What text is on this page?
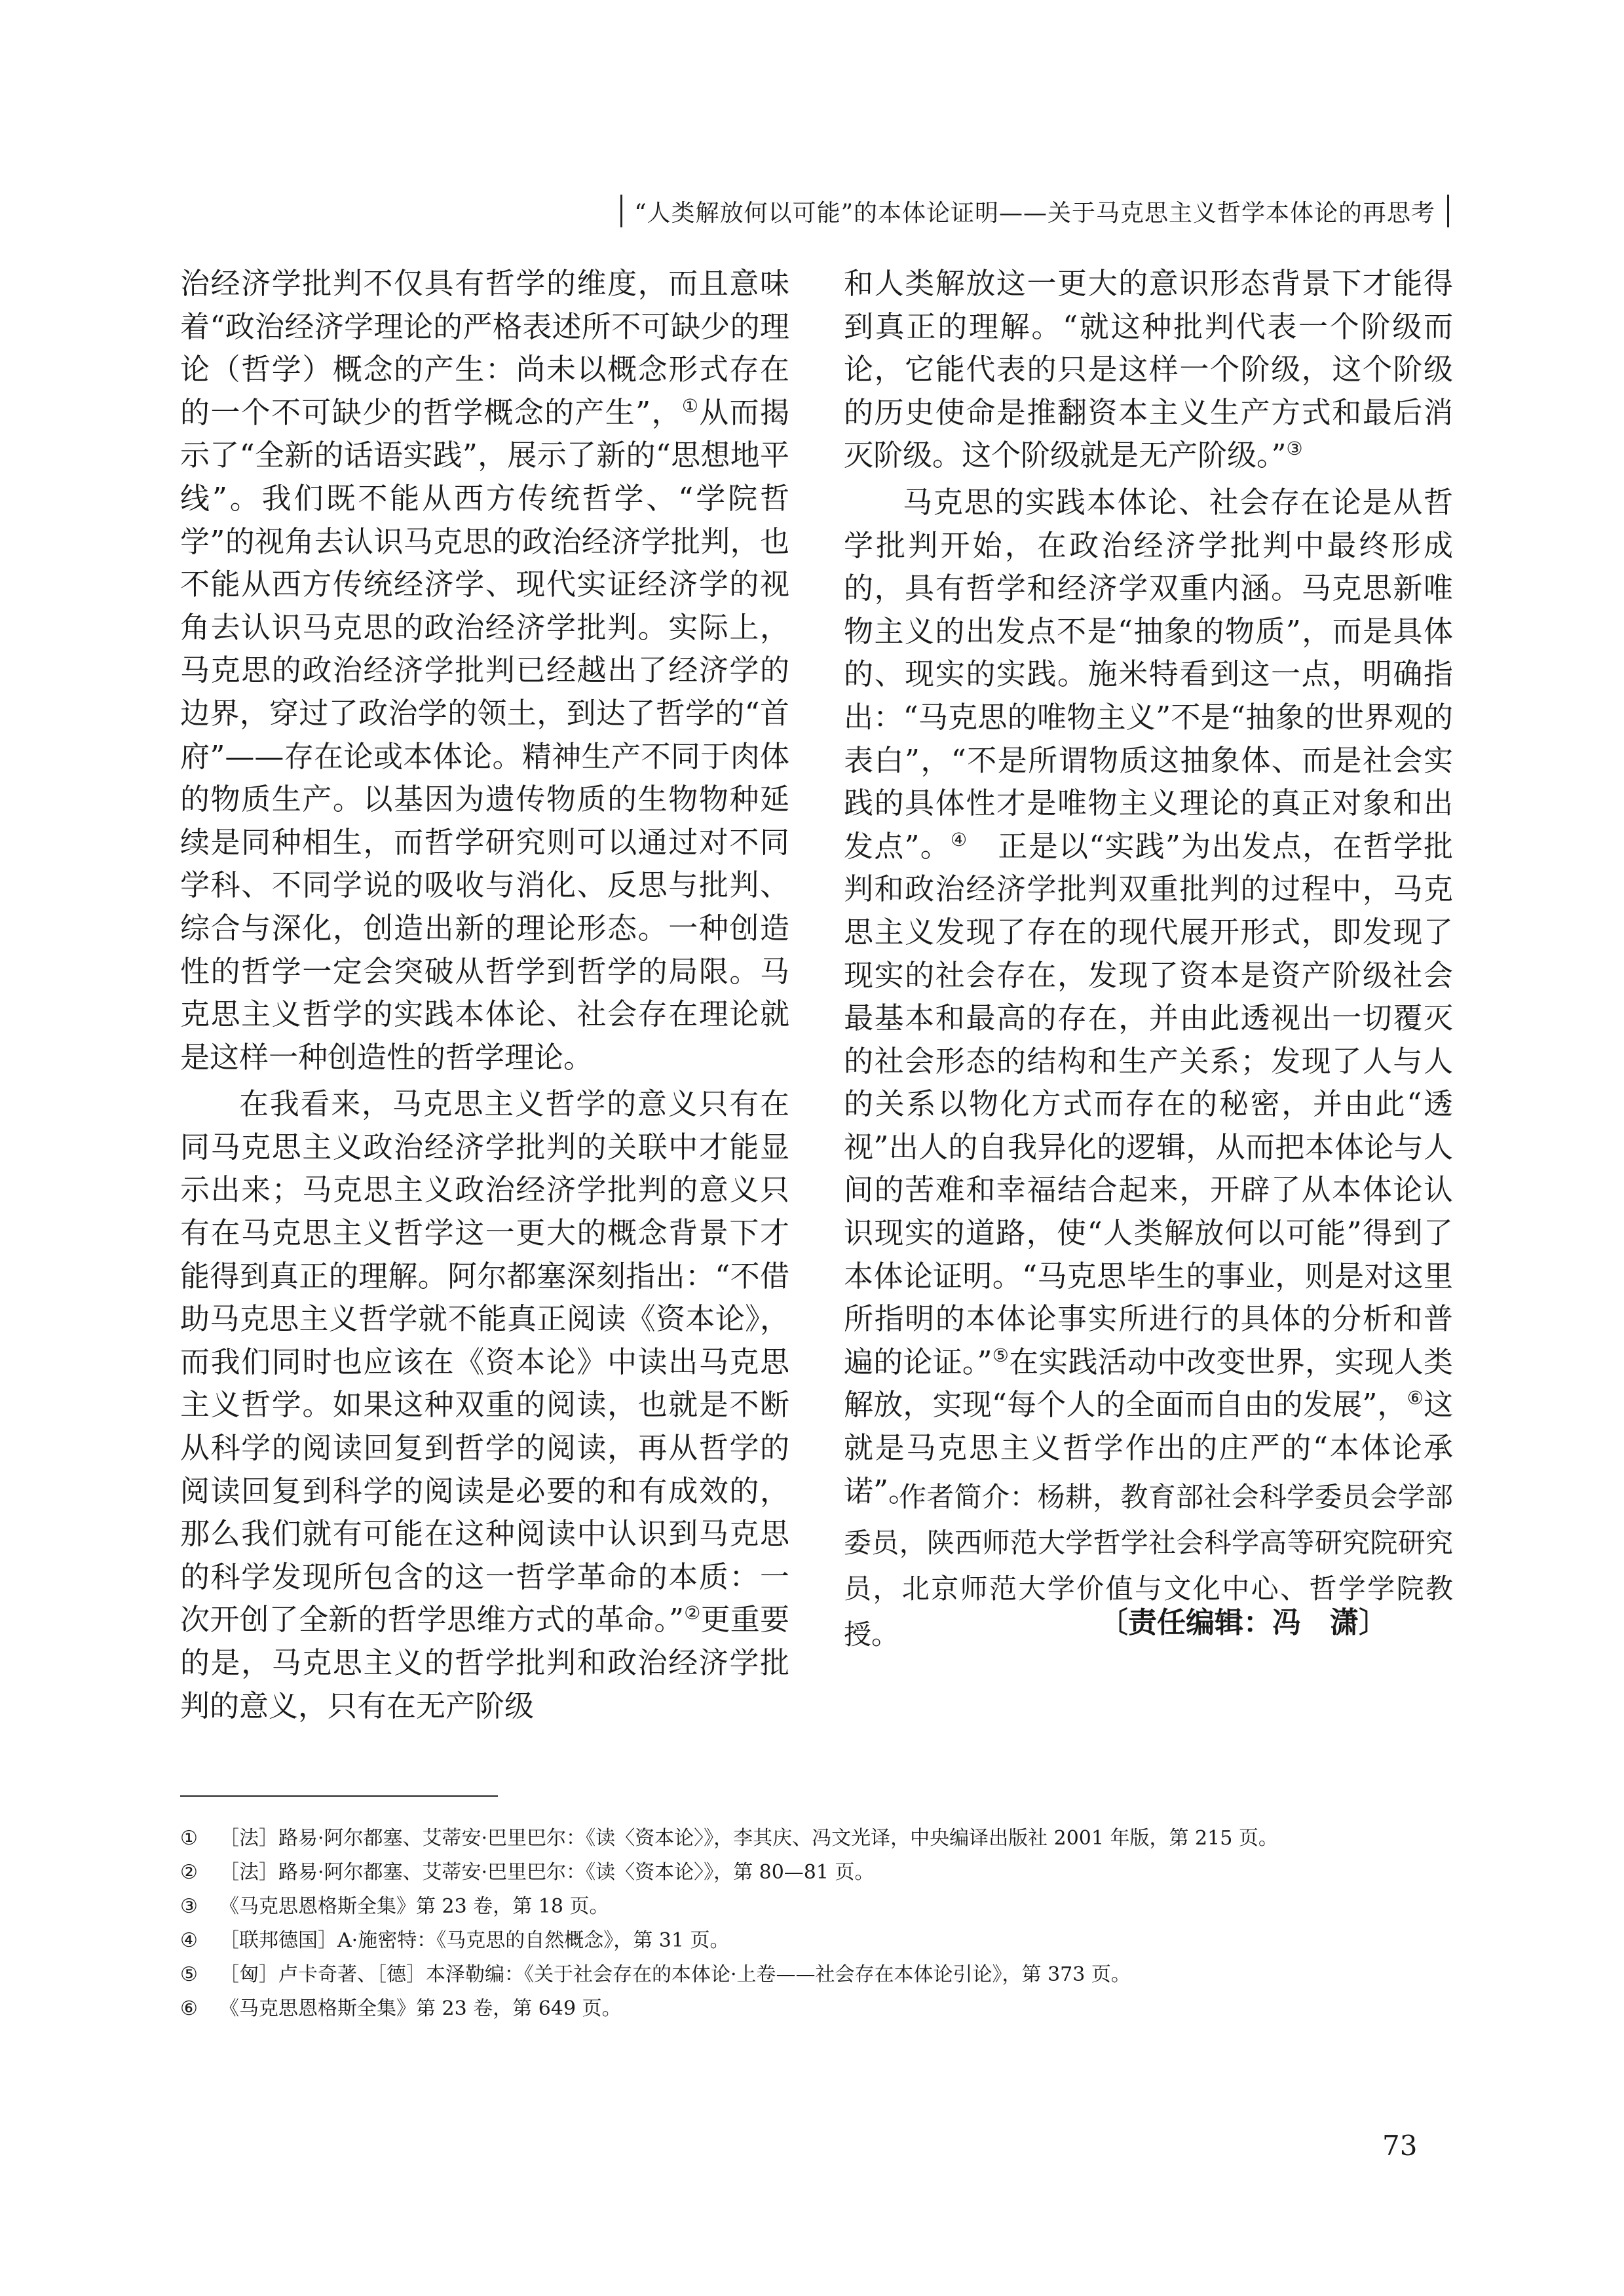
“人类解放何以可能”的本体论证明——关于马克思主义哲学本体论的再思考

治经济学批判不仅具有哲学的维度，而且意味着“政治经济学理论的严格表述所不可缺少的理论（哲学）概念的产生：尚未以概念形式存在的一个不可缺少的哲学概念的产生”，①从而揭示了“全新的话语实践”，展示了新的“思想地平线”。我们既不能从西方传统哲学、“学院哲学”的视角去认识马克思的政治经济学批判，也不能从西方传统经济学、现代实证经济学的视角去认识马克思的政治经济学批判。实际上，马克思的政治经济学批判已经越出了经济学的边界，穿过了政治学的领土，到达了哲学的“首府”——存在论或本体论。精神生产不同于肉体的物质生产。以基因为遗传物质的生物物种延续是同种相生，而哲学研究则可以通过对不同学科、不同学说的吸收与消化、反思与批判、综合与深化，创造出新的理论形态。一种创造性的哲学一定会突破从哲学到哲学的局限。马克思主义哲学的实践本体论、社会存在理论就是这样一种创造性的哲学理论。

在我看来，马克思主义哲学的意义只有在同马克思主义政治经济学批判的关联中才能显示出来；马克思主义政治经济学批判的意义只有在马克思主义哲学这一更大的概念背景下才能得到真正的理解。阿尔都塞深刻指出：“不借助马克思主义哲学就不能真正阅读《资本论》，而我们同时也应该在《资本论》中读出马克思主义哲学。如果这种双重的阅读，也就是不断从科学的阅读回复到哲学的阅读，再从哲学的阅读回复到科学的阅读是必要的和有成效的，那么我们就有可能在这种阅读中认识到马克思的科学发现所包含的这一哲学革命的本质：一次开创了全新的哲学思维方式的革命。”②更重要的是，马克思主义的哲学批判和政治经济学批判的意义，只有在无产阶级

和人类解放这一更大的意识形态背景下才能得到真正的理解。“就这种批判代表一个阶级而论，它能代表的只是这样一个阶级，这个阶级的历史使命是推翻资本主义生产方式和最后消灭阶级。这个阶级就是无产阶级。”③

马克思的实践本体论、社会存在论是从哲学批判开始，在政治经济学批判中最终形成的，具有哲学和经济学双重内涵。马克思新唯物主义的出发点不是“抽象的物质”，而是具体的、现实的实践。施米特看到这一点，明确指出：“马克思的唯物主义”不是“抽象的世界观的表白”，“不是所谓物质这抽象体、而是社会实践的具体性才是唯物主义理论的真正对象和出发点”。④　正是以“实践”为出发点，在哲学批判和政治经济学批判双重批判的过程中，马克思主义发现了存在的现代展开形式，即发现了现实的社会存在，发现了资本是资产阶级社会最基本和最高的存在，并由此透视出一切覆灭的社会形态的结构和生产关系；发现了人与人的关系以物化方式而存在的秘密，并由此“透视”出人的自我异化的逻辑，从而把本体论与人间的苦难和幸福结合起来，开辟了从本体论认识现实的道路，使“人类解放何以可能”得到了本体论证明。“马克思毕生的事业，则是对这里所指明的本体论事实所进行的具体的分析和普遍的论证。”⑤在实践活动中改变世界，实现人类解放，实现“每个人的全面而自由的发展”，⑥这就是马克思主义哲学作出的庄严的“本体论承诺”。

作者简介：杨耕，教育部社会科学委员会学部委员，陕西师范大学哲学社会科学高等研究院研究员，北京师范大学价值与文化中心、哲学学院教授。	〔责任编辑：冯　潇〕
①	［法］路易·阿尔都塞、艾蒂安·巴里巴尔：《读〈资本论〉》，李其庆、冯文光译，中央编译出版社 2001 年版，第 215 页。
②	［法］路易·阿尔都塞、艾蒂安·巴里巴尔：《读〈资本论〉》，第 80—81 页。
③	《马克思恩格斯全集》第 23 卷，第 18 页。
④	［联邦德国］A·施密特：《马克思的自然概念》，第 31 页。
⑤	［匈］卢卡奇著、［德］本泽勒编：《关于社会存在的本体论·上卷——社会存在本体论引论》，第 373 页。
⑥	《马克思恩格斯全集》第 23 卷，第 649 页。
73
